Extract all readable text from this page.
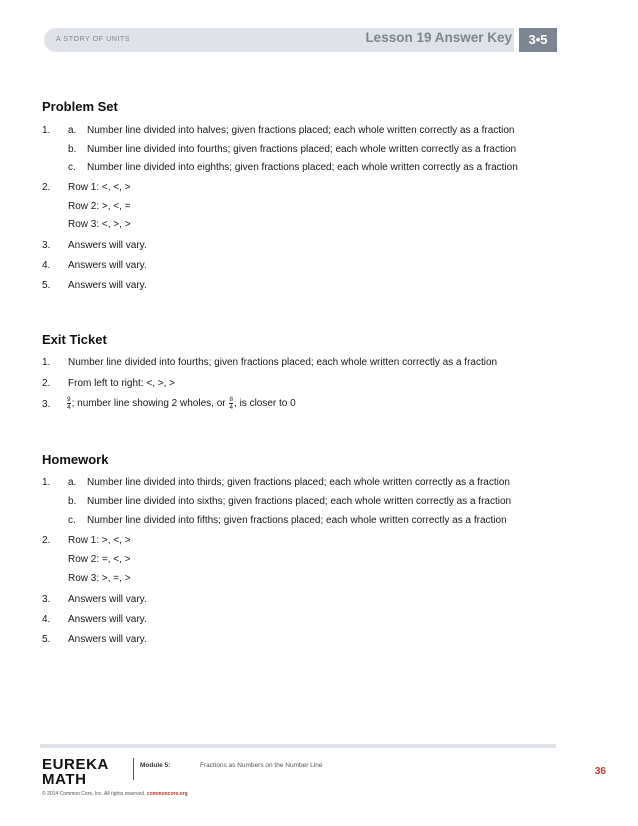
A STORY OF UNITS	Lesson 19 Answer Key	3•5
Problem Set
1. a. Number line divided into halves; given fractions placed; each whole written correctly as a fraction
b. Number line divided into fourths; given fractions placed; each whole written correctly as a fraction
c. Number line divided into eighths; given fractions placed; each whole written correctly as a fraction
2. Row 1: <, <, >
Row 2: >, <, =
Row 3: <, >, >
3. Answers will vary.
4. Answers will vary.
5. Answers will vary.
Exit Ticket
1. Number line divided into fourths; given fractions placed; each whole written correctly as a fraction
2. From left to right: <, >, >
3.	$\frac{9}{4}$ ; number line showing 2 wholes, or $\frac{8}{4}$ , is closer to 0
Homework
1. a. Number line divided into thirds; given fractions placed; each whole written correctly as a fraction
b. Number line divided into sixths; given fractions placed; each whole written correctly as a fraction
c. Number line divided into fifths; given fractions placed; each whole written correctly as a fraction
2. Row 1: >, <, >
Row 2: =, <, >
Row 3: >, =, >
3. Answers will vary.
4. Answers will vary.
5. Answers will vary.
EUREKA
MATH
Module 5:	Fractions as Numbers on the Number Line
36
© 2014 Common Core, Inc. All rights reserved. commoncore.org
